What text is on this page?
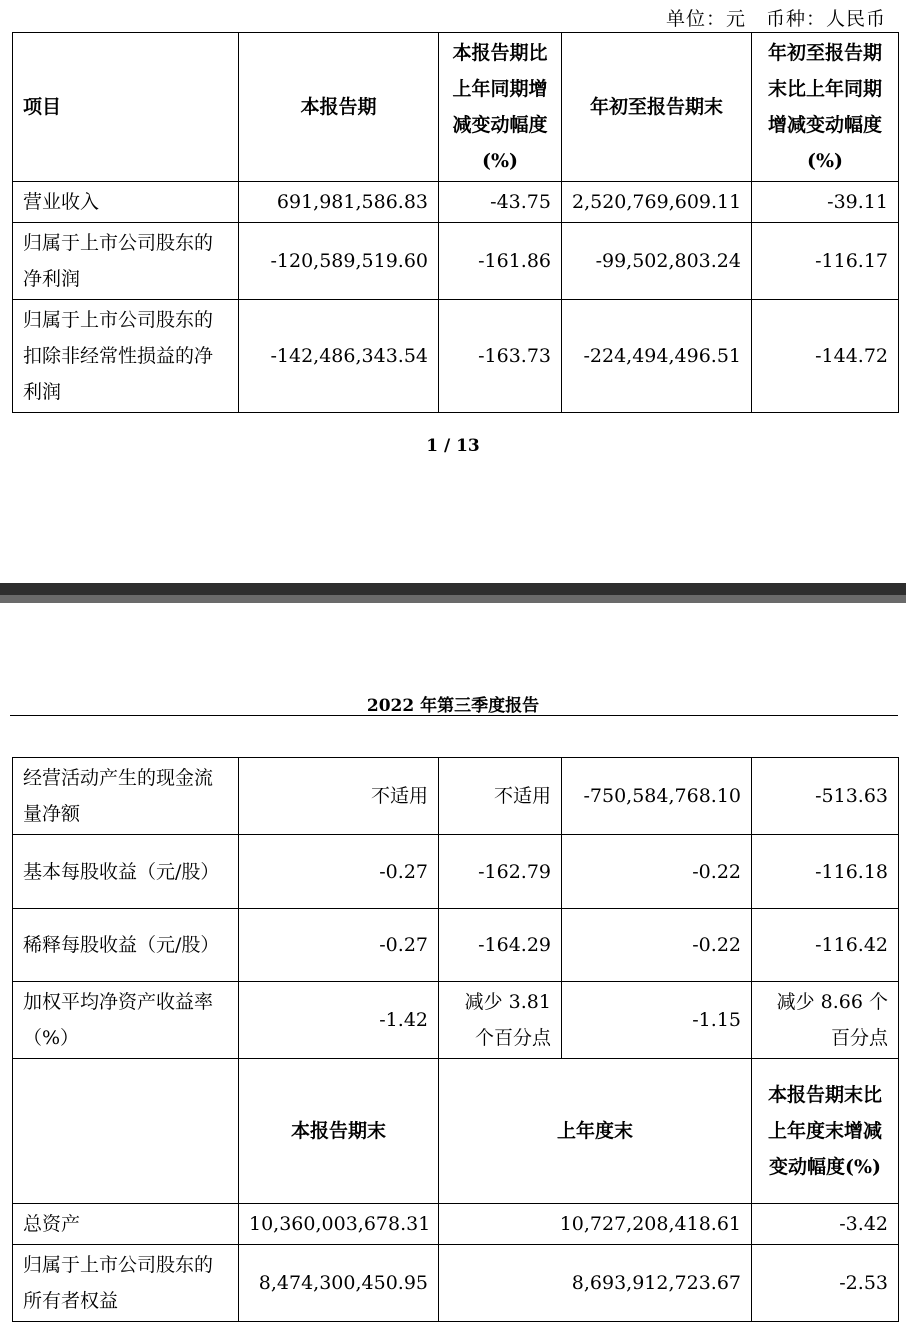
单位：元　币种：人民币
项目	本报告期	本报告期比上年同期增减变动幅度(%)	年初至报告期末	年初至报告期末比上年同期增减变动幅度(%)
营业收入	691,981,586.83	-43.75	2,520,769,609.11	-39.11
归属于上市公司股东的净利润	-120,589,519.60	-161.86	-99,502,803.24	-116.17
归属于上市公司股东的扣除非经常性损益的净利润	-142,486,343.54	-163.73	-224,494,496.51	-144.72
1 / 13
2022 年第三季度报告
经营活动产生的现金流量净额	不适用	不适用	-750,584,768.10	-513.63
基本每股收益（元/股）	-0.27	-162.79	-0.22	-116.18
稀释每股收益（元/股）	-0.27	-164.29	-0.22	-116.42
加权平均净资产收益率（%）	-1.42	减少 3.81 个百分点	-1.15	减少 8.66 个百分点
	本报告期末	上年度末		本报告期末比上年度末增减变动幅度(%)
总资产	10,360,003,678.31	10,727,208,418.61		-3.42
归属于上市公司股东的所有者权益	8,474,300,450.95	8,693,912,723.67		-2.53
